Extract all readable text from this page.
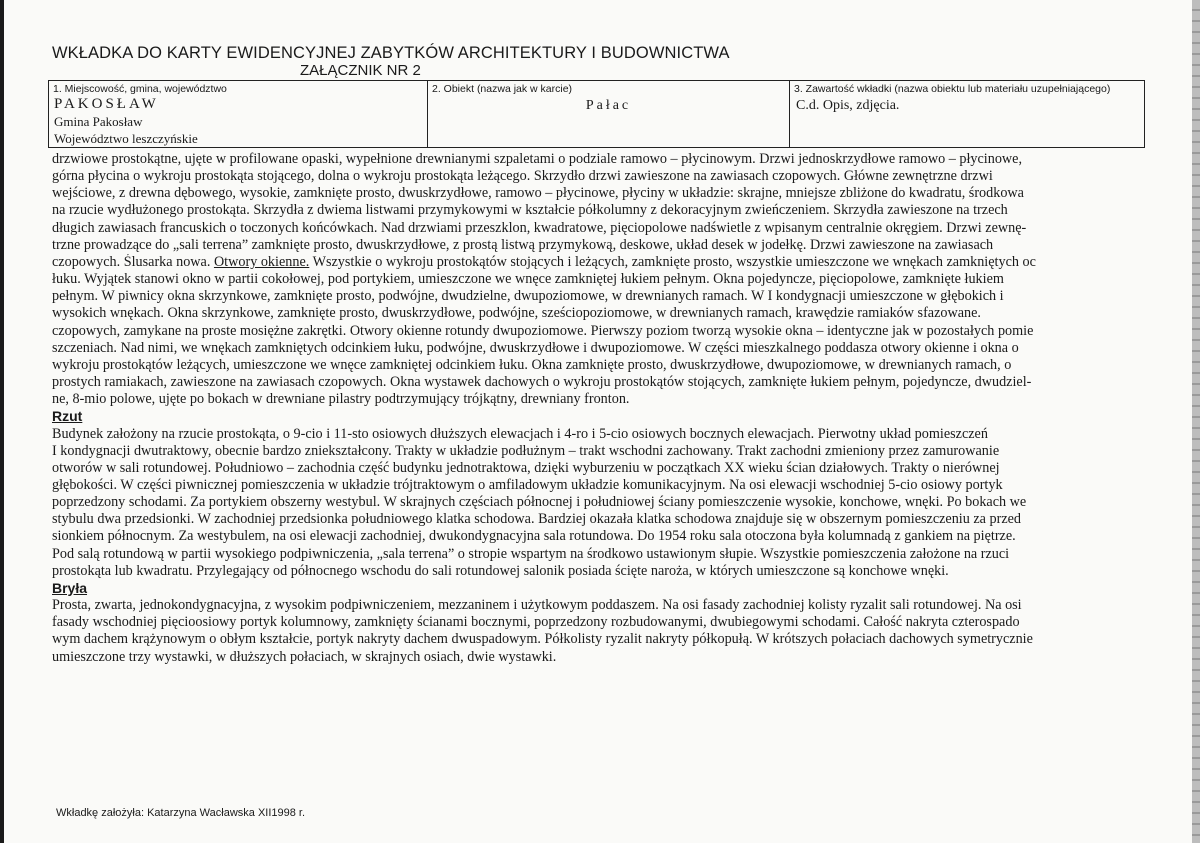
WKŁADKA DO KARTY EWIDENCYJNEJ ZABYTKÓW ARCHITEKTURY I BUDOWNICTWA
ZAŁĄCZNIK NR 2
1. Miejscowość, gmina, województwo
PAKOSŁAW
Gmina Pakosław
Województwo leszczyńskie
2. Obiekt (nazwa jak w karcie)
Pałac
3. Zawartość wkładki (nazwa obiektu lub materiału uzupełniającego)
C.d. Opis, zdjęcia.

drzwiowe prostokątne, ujęte w profilowane opaski, wypełnione drewnianymi szpaletami o podziale ramowo – płycinowym. Drzwi jednoskrzydłowe ramowo – płycinowe,

górna płycina o wykroju prostokąta stojącego, dolna o wykroju prostokąta leżącego. Skrzydło drzwi zawieszone na zawiasach czopowych. Główne zewnętrzne drzwi

wejściowe, z drewna dębowego, wysokie, zamknięte prosto, dwuskrzydłowe, ramowo – płycinowe, płyciny w układzie: skrajne, mniejsze zbliżone do kwadratu, środkowa

na rzucie wydłużonego prostokąta. Skrzydła z dwiema listwami przymykowymi w kształcie półkolumny z dekoracyjnym zwieńczeniem. Skrzydła zawieszone na trzech

długich zawiasach francuskich o toczonych końcówkach. Nad drzwiami przeszklon, kwadratowe, pięciopolowe nadświetle z wpisanym centralnie okręgiem. Drzwi zewnę-

trzne prowadzące do „sali terrena” zamknięte prosto, dwuskrzydłowe, z prostą listwą przymykową, deskowe, układ desek w jodełkę. Drzwi zawieszone na zawiasach

czopowych. Ślusarka nowa. Otwory okienne. Wszystkie o wykroju prostokątów stojących i leżących, zamknięte prosto, wszystkie umieszczone we wnękach zamkniętych oc

łuku. Wyjątek stanowi okno w partii cokołowej, pod portykiem, umieszczone we wnęce zamkniętej łukiem pełnym. Okna pojedyncze, pięciopolowe, zamknięte łukiem

pełnym. W piwnicy okna skrzynkowe, zamknięte prosto, podwójne, dwudzielne, dwupoziomowe, w drewnianych ramach. W I kondygnacji umieszczone w głębokich i

wysokich wnękach. Okna skrzynkowe, zamknięte prosto, dwuskrzydłowe, podwójne, sześciopoziomowe, w drewnianych ramach, krawędzie ramiaków sfazowane.

czopowych, zamykane na proste mosiężne zakrętki. Otwory okienne rotundy dwupoziomowe. Pierwszy poziom tworzą wysokie okna – identyczne jak w pozostałych pomie

szczeniach. Nad nimi, we wnękach zamkniętych odcinkiem łuku, podwójne, dwuskrzydłowe i dwupoziomowe. W części mieszkalnego poddasza otwory okienne i okna o

wykroju prostokątów leżących, umieszczone we wnęce zamkniętej odcinkiem łuku. Okna zamknięte prosto, dwuskrzydłowe, dwupoziomowe, w drewnianych ramach, o

prostych ramiakach, zawieszone na zawiasach czopowych. Okna wystawek dachowych o wykroju prostokątów stojących, zamknięte łukiem pełnym, pojedyncze, dwudziel-

ne, 8-mio polowe, ujęte po bokach w drewniane pilastry podtrzymujący trójkątny, drewniany fronton.

Rzut

Budynek założony na rzucie prostokąta, o 9-cio i 11-sto osiowych dłuższych elewacjach i 4-ro i 5-cio osiowych bocznych elewacjach. Pierwotny układ pomieszczeń

I kondygnacji dwutraktowy, obecnie bardzo zniekształcony. Trakty w układzie podłużnym – trakt wschodni zachowany. Trakt zachodni zmieniony przez zamurowanie

otworów w sali rotundowej. Południowo – zachodnia część budynku jednotraktowa, dzięki wyburzeniu w początkach XX wieku ścian działowych. Trakty o nierównej

głębokości. W części piwnicznej pomieszczenia w układzie trójtraktowym o amfiladowym układzie komunikacyjnym. Na osi elewacji wschodniej 5-cio osiowy portyk

poprzedzony schodami. Za portykiem obszerny westybul. W skrajnych częściach północnej i południowej ściany pomieszczenie wysokie, konchowe, wnęki. Po bokach we

stybulu dwa przedsionki. W zachodniej przedsionka południowego klatka schodowa. Bardziej okazała klatka schodowa znajduje się w obszernym pomieszczeniu za przed

sionkiem północnym. Za westybulem, na osi elewacji zachodniej, dwukondygnacyjna sala rotundowa. Do 1954 roku sala otoczona była kolumnadą z gankiem na piętrze.

Pod salą rotundową w partii wysokiego podpiwniczenia, „sala terrena” o stropie wspartym na środkowo ustawionym słupie. Wszystkie pomieszczenia założone na rzuci

prostokąta lub kwadratu. Przylegający od północnego wschodu do sali rotundowej salonik posiada ścięte naroża, w których umieszczone są konchowe wnęki.

Bryła

Prosta, zwarta, jednokondygnacyjna, z wysokim podpiwniczeniem, mezzaninem i użytkowym poddaszem. Na osi fasady zachodniej kolisty ryzalit sali rotundowej. Na osi

fasady wschodniej pięcioosiowy portyk kolumnowy, zamknięty ścianami bocznymi, poprzedzony rozbudowanymi, dwubiegowymi schodami. Całość nakryta czterospado

wym dachem krążynowym o obłym kształcie, portyk nakryty dachem dwuspadowym. Półkolisty ryzalit nakryty półkopułą. W krótszych połaciach dachowych symetrycznie

umieszczone trzy wystawki, w dłuższych połaciach, w skrajnych osiach, dwie wystawki.

Wkładkę założyła: Katarzyna Wacławska XII1998 r.
